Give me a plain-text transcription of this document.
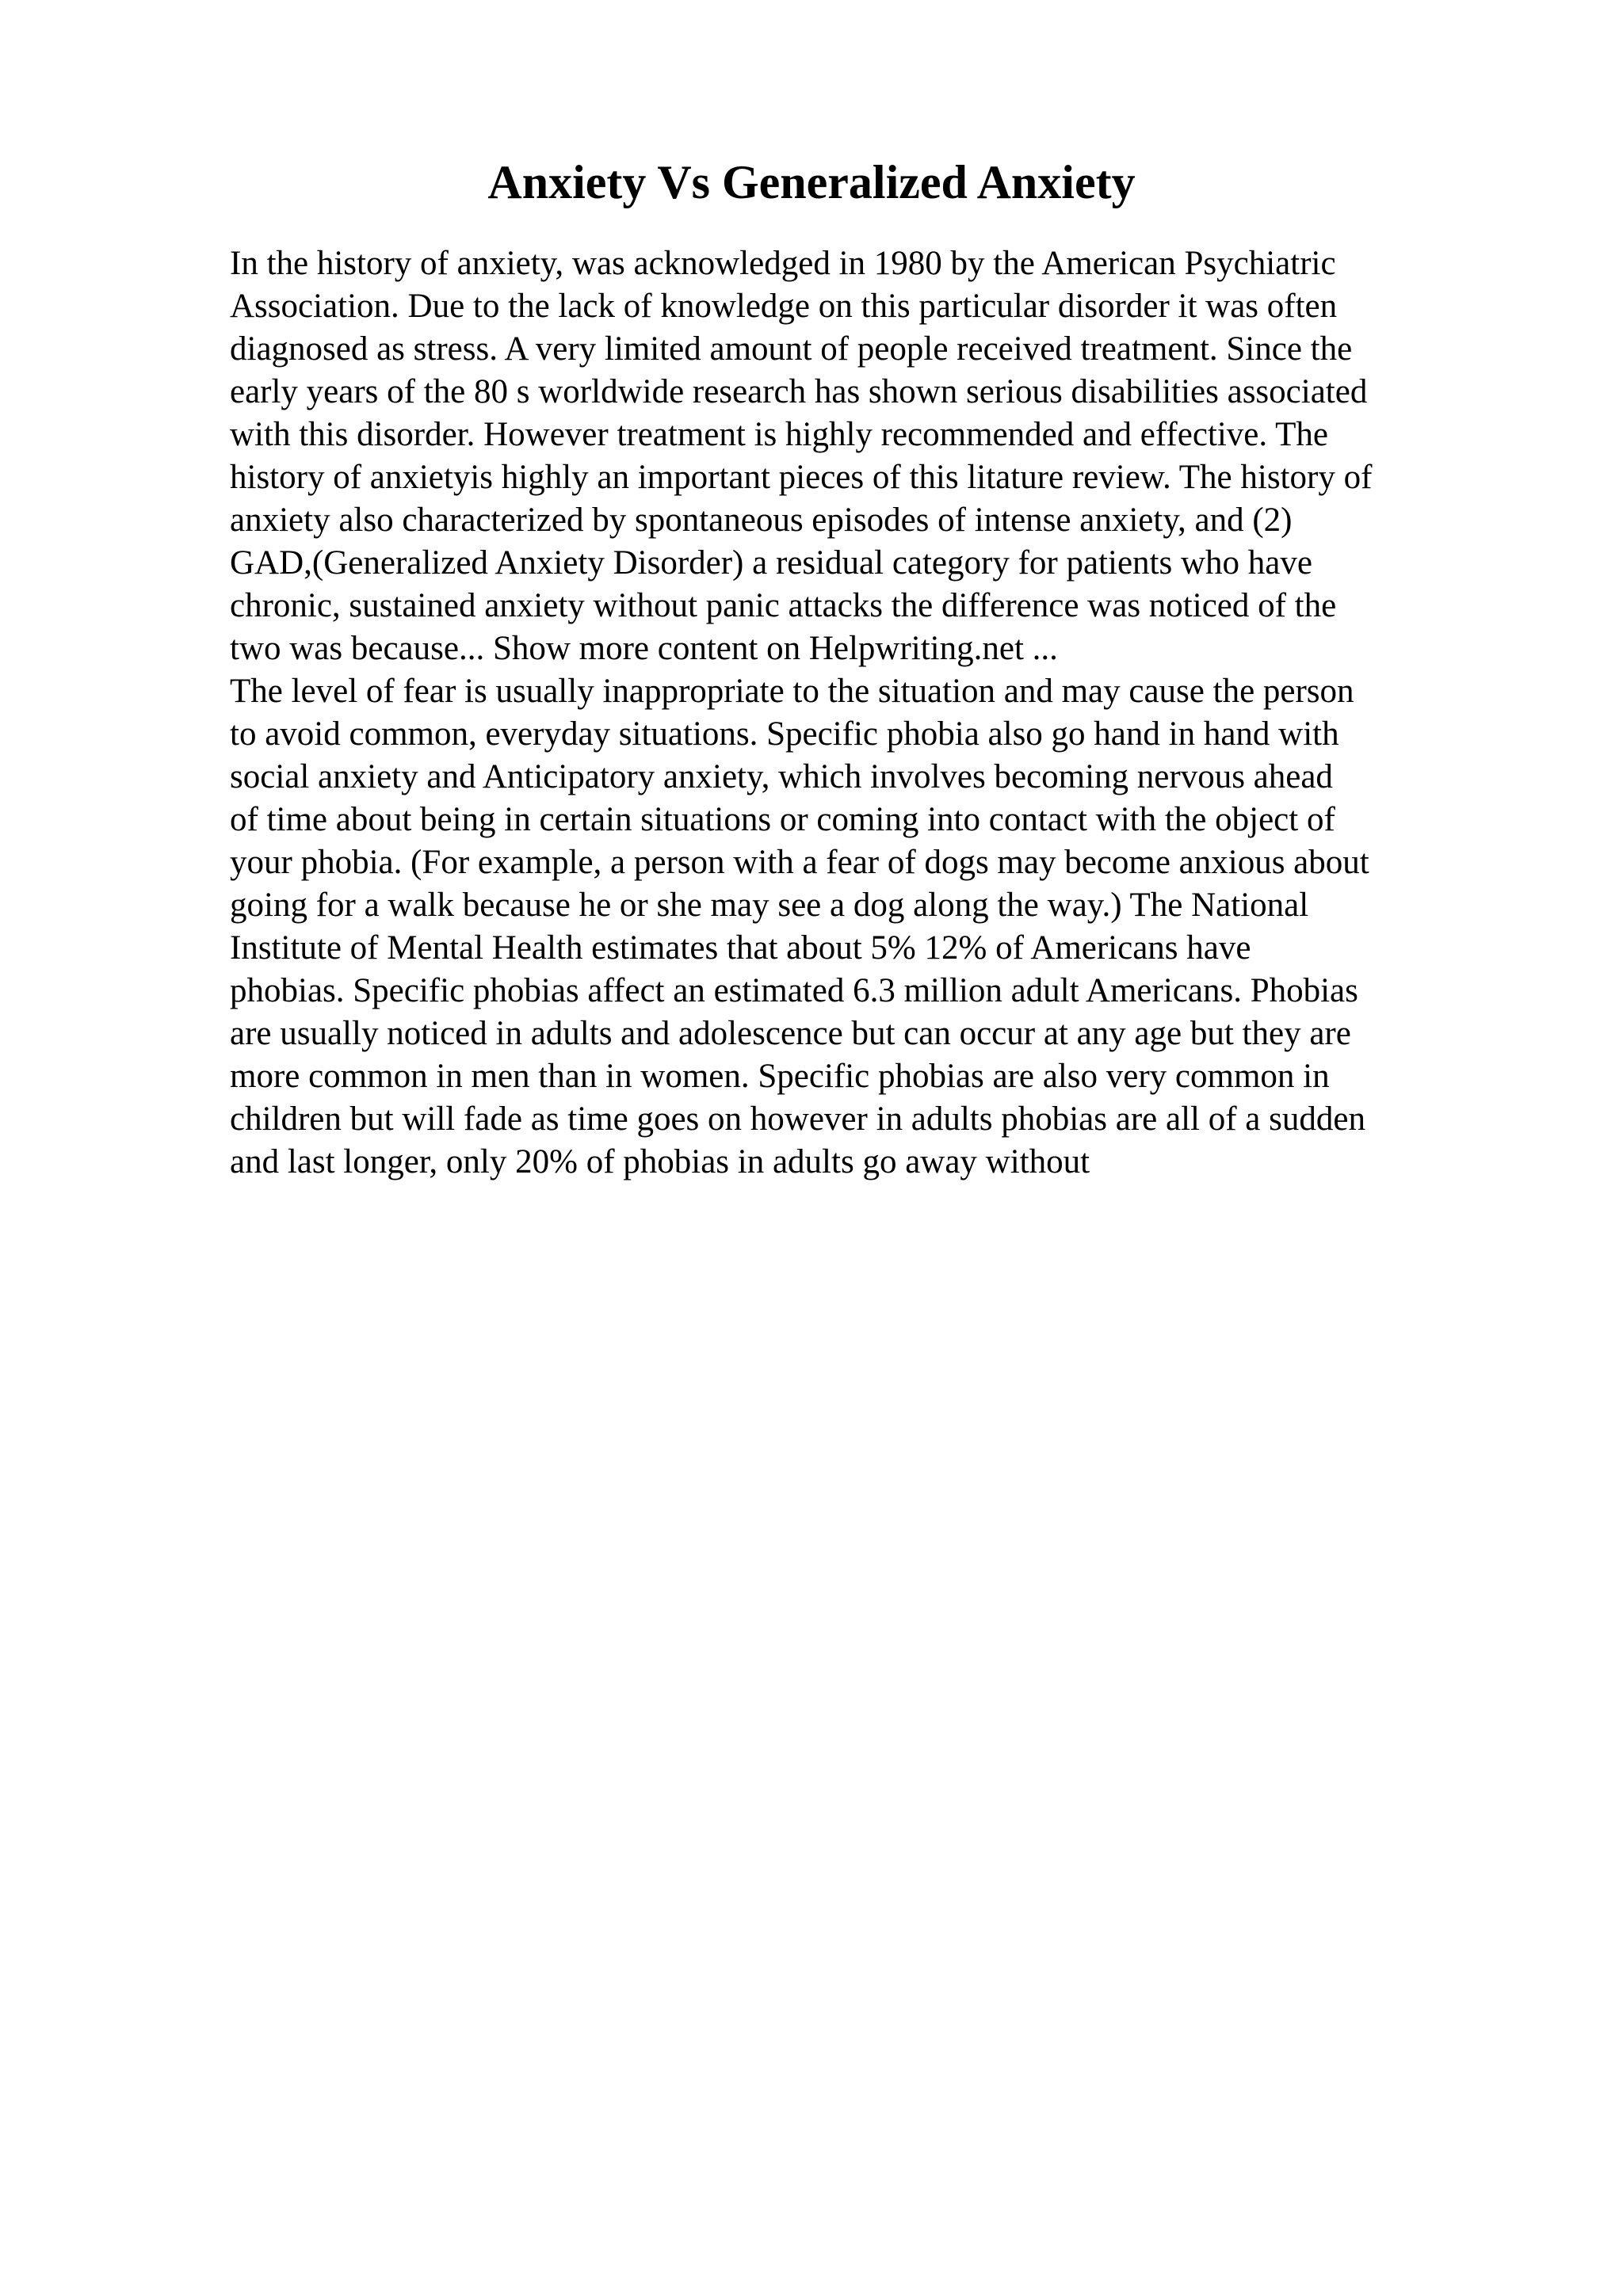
Anxiety Vs Generalized Anxiety
In the history of anxiety, was acknowledged in 1980 by the American Psychiatric
Association. Due to the lack of knowledge on this particular disorder it was often
diagnosed as stress. A very limited amount of people received treatment. Since the
early years of the 80 s worldwide research has shown serious disabilities associated
with this disorder. However treatment is highly recommended and effective. The
history of anxietyis highly an important pieces of this litature review. The history of
anxiety also characterized by spontaneous episodes of intense anxiety, and (2)
GAD,(Generalized Anxiety Disorder) a residual category for patients who have
chronic, sustained anxiety without panic attacks the difference was noticed of the
two was because... Show more content on Helpwriting.net ...
The level of fear is usually inappropriate to the situation and may cause the person
to avoid common, everyday situations. Specific phobia also go hand in hand with
social anxiety and Anticipatory anxiety, which involves becoming nervous ahead
of time about being in certain situations or coming into contact with the object of
your phobia. (For example, a person with a fear of dogs may become anxious about
going for a walk because he or she may see a dog along the way.) The National
Institute of Mental Health estimates that about 5% 12% of Americans have
phobias. Specific phobias affect an estimated 6.3 million adult Americans. Phobias
are usually noticed in adults and adolescence but can occur at any age but they are
more common in men than in women. Specific phobias are also very common in
children but will fade as time goes on however in adults phobias are all of a sudden
and last longer, only 20% of phobias in adults go away without
